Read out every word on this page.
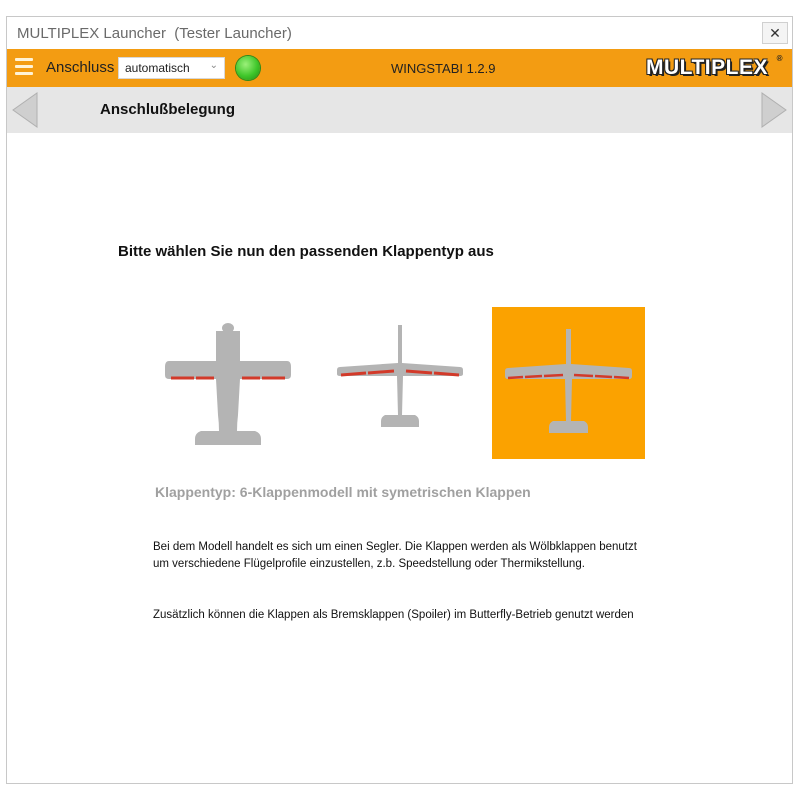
MULTIPLEX Launcher  (Tester Launcher)	✕
Anschluss automatisch ⌄	WINGSTABI 1.2.9	MULTIPLEX ®
Anschlußbelegung
Bitte wählen Sie nun den passenden Klappentyp aus
Klappentyp: 6-Klappenmodell mit symetrischen Klappen
Bei dem Modell handelt es sich um einen Segler. Die Klappen werden als Wölbklappen benutzt um verschiedene Flügelprofile einzustellen, z.b. Speedstellung oder Thermikstellung.
Zusätzlich können die Klappen als Bremsklappen (Spoiler) im Butterfly-Betrieb genutzt werden
